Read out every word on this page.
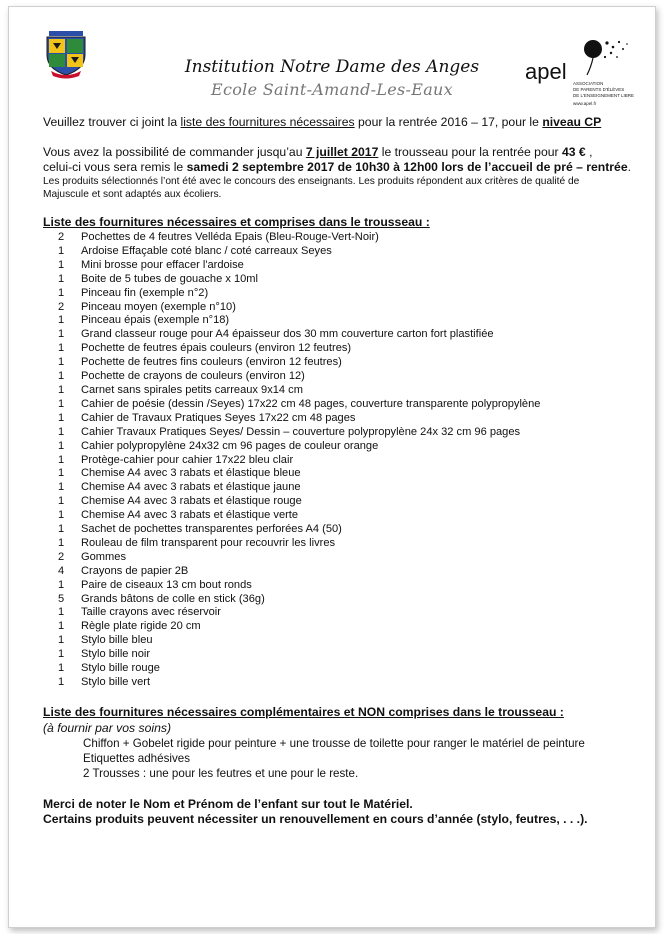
apel ASSOCIATION
DE PARENTS D'ÉLÈVES
DE L'ENSEIGNEMENT LIBRE
www.apel.fr
Institution Notre Dame des Anges
Ecole Saint-Amand-Les-Eaux

Veuillez trouver ci joint la liste des fournitures nécessaires pour la rentrée 2016 – 17, pour le niveau CP

Vous avez la possibilité de commander jusqu’au 7 juillet 2017 le trousseau pour la rentrée pour 43 € ,

celui-ci vous sera remis le samedi 2 septembre 2017 de 10h30 à 12h00 lors de l’accueil de pré – rentrée.

Les produits sélectionnés l’ont été avec le concours des enseignants. Les produits répondent aux critères de qualité de

Majuscule et sont adaptés aux écoliers.

Liste des fournitures nécessaires et comprises dans le trousseau :

2	Pochettes de 4 feutres Velléda Epais (Bleu-Rouge-Vert-Noir)
1	Ardoise Effaçable coté blanc / coté carreaux Seyes
1	Mini brosse pour effacer l'ardoise
1	Boite de 5 tubes de gouache x 10ml
1	Pinceau fin (exemple n°2)
2	Pinceau moyen (exemple n°10)
1	Pinceau épais (exemple n°18)
1	Grand classeur rouge pour A4 épaisseur dos 30 mm couverture carton fort plastifiée
1	Pochette de feutres épais couleurs (environ 12 feutres)
1	Pochette de feutres fins couleurs (environ 12 feutres)
1	Pochette de crayons de couleurs (environ 12)
1	Carnet sans spirales petits carreaux 9x14 cm
1	Cahier de poésie (dessin /Seyes) 17x22 cm 48 pages, couverture transparente polypropylène
1	Cahier de Travaux Pratiques Seyes 17x22 cm 48 pages
1	Cahier Travaux Pratiques Seyes/ Dessin – couverture polypropylène 24x 32 cm 96 pages
1	Cahier polypropylène 24x32 cm 96 pages de couleur orange
1	Protège-cahier pour cahier 17x22 bleu clair
1	Chemise A4 avec 3 rabats et élastique bleue
1	Chemise A4 avec 3 rabats et élastique jaune
1	Chemise A4 avec 3 rabats et élastique rouge
1	Chemise A4 avec 3 rabats et élastique verte
1	Sachet de pochettes transparentes perforées A4 (50)
1	Rouleau de film transparent pour recouvrir les livres
2	Gommes
4	Crayons de papier 2B
1	Paire de ciseaux 13 cm bout ronds
5	Grands bâtons de colle en stick (36g)
1	Taille crayons avec réservoir
1	Règle plate rigide 20 cm
1	Stylo bille bleu
1	Stylo bille noir
1	Stylo bille rouge
1	Stylo bille vert

Liste des fournitures nécessaires complémentaires et NON comprises dans le trousseau :

(à fournir par vos soins)

Chiffon + Gobelet rigide pour peinture + une trousse de toilette pour ranger le matériel de peinture

Etiquettes adhésives

2 Trousses : une pour les feutres et une pour le reste.

Merci de noter le Nom et Prénom de l’enfant sur tout le Matériel.

Certains produits peuvent nécessiter un renouvellement en cours d’année (stylo, feutres, . . .).
